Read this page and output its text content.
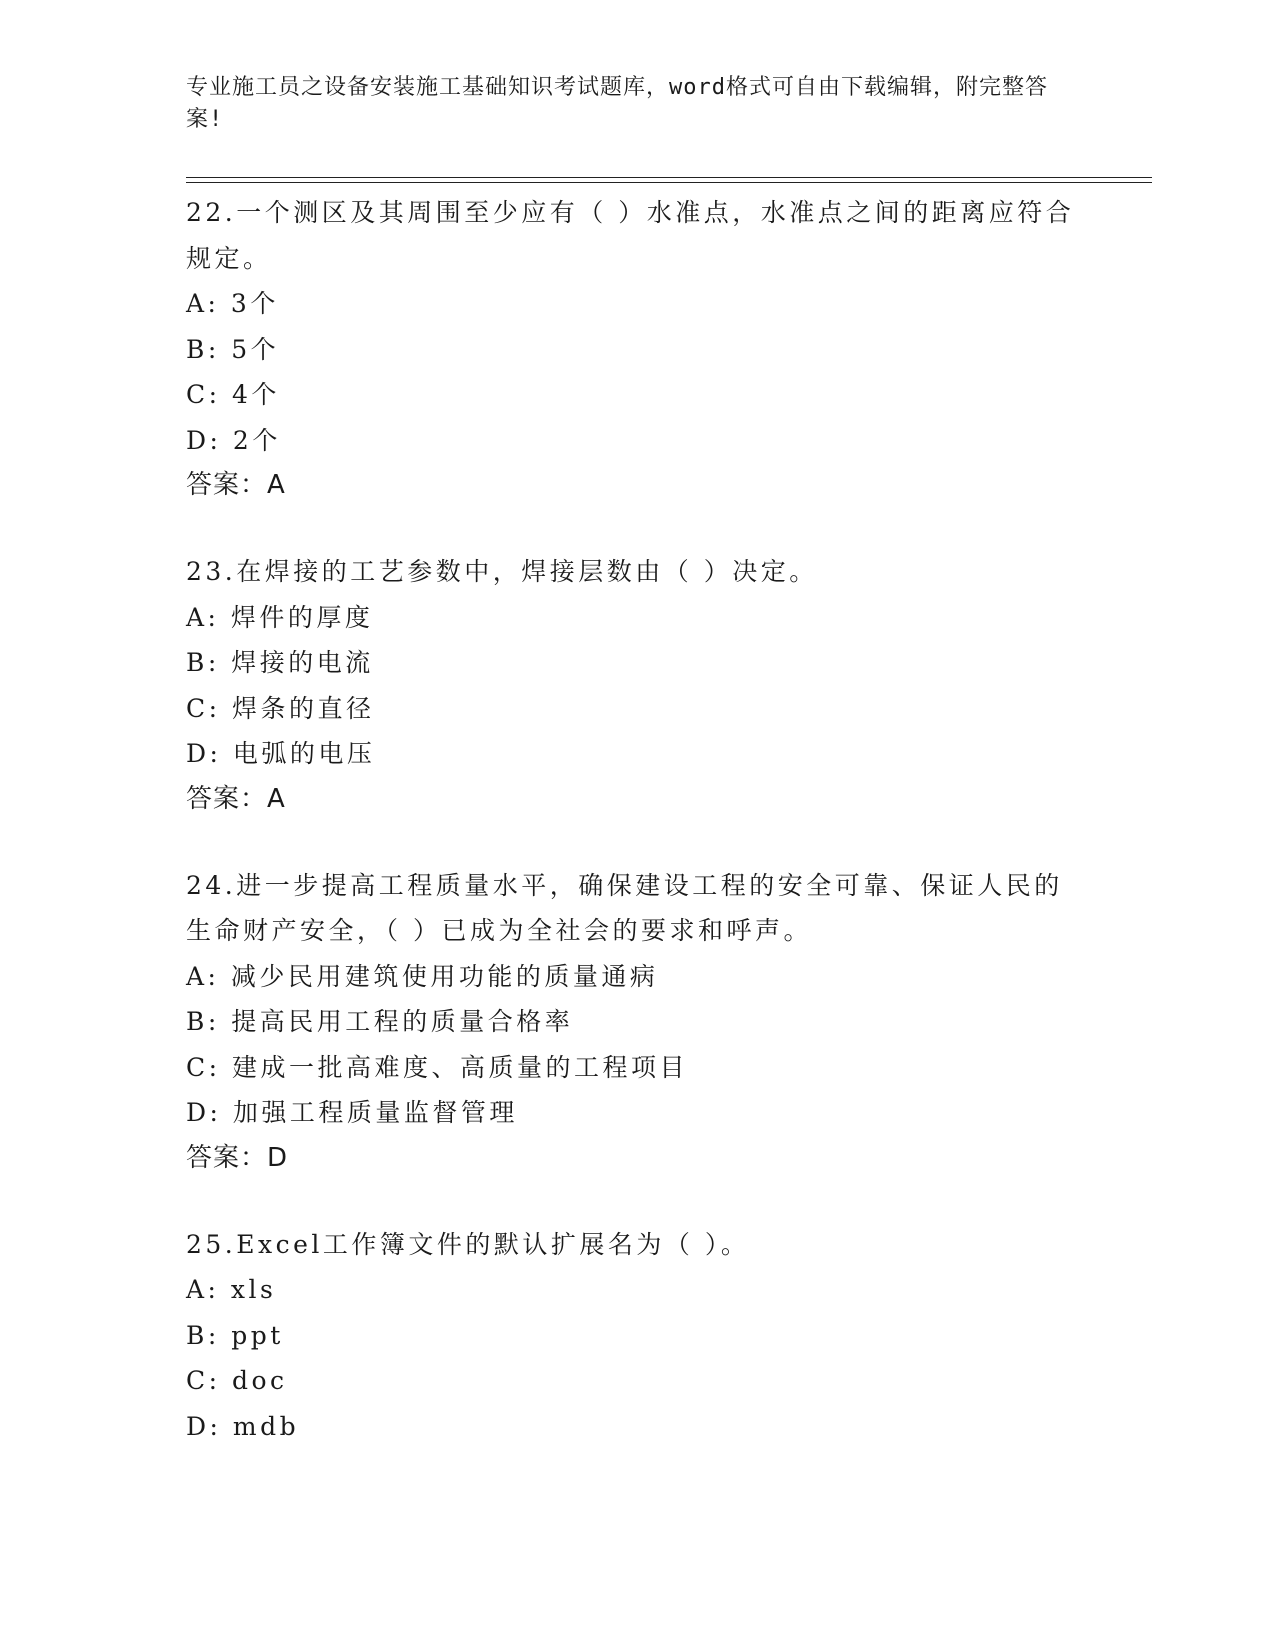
专业施工员之设备安装施工基础知识考试题库，word格式可自由下载编辑，附完整答案!

22.一个测区及其周围至少应有（ ）水准点，水准点之间的距离应符合规定。

A: 3个

B: 5个

C: 4个

D: 2个

答案：A

23.在焊接的工艺参数中，焊接层数由（ ）决定。

A: 焊件的厚度

B: 焊接的电流

C: 焊条的直径

D: 电弧的电压

答案：A

24.进一步提高工程质量水平，确保建设工程的安全可靠、保证人民的生命财产安全，（ ）已成为全社会的要求和呼声。

A: 减少民用建筑使用功能的质量通病

B: 提高民用工程的质量合格率

C: 建成一批高难度、高质量的工程项目

D: 加强工程质量监督管理

答案：D

25.Excel工作簿文件的默认扩展名为（ ）。

A: xls

B: ppt

C: doc

D: mdb
